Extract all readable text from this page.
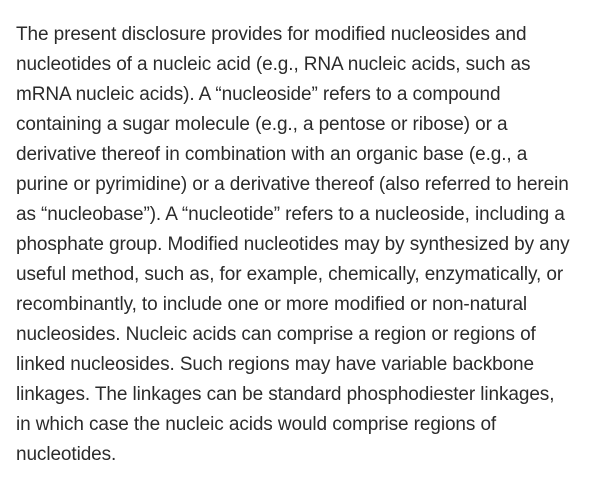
The present disclosure provides for modified nucleosides and
nucleotides of a nucleic acid (e.g., RNA nucleic acids, such as
mRNA nucleic acids). A “nucleoside” refers to a compound
containing a sugar molecule (e.g., a pentose or ribose) or a
derivative thereof in combination with an organic base (e.g., a
purine or pyrimidine) or a derivative thereof (also referred to herein
as “nucleobase”). A “nucleotide” refers to a nucleoside, including a
phosphate group. Modified nucleotides may by synthesized by any
useful method, such as, for example, chemically, enzymatically, or
recombinantly, to include one or more modified or non-natural
nucleosides. Nucleic acids can comprise a region or regions of
linked nucleosides. Such regions may have variable backbone
linkages. The linkages can be standard phosphodiester linkages,
in which case the nucleic acids would comprise regions of
nucleotides.
